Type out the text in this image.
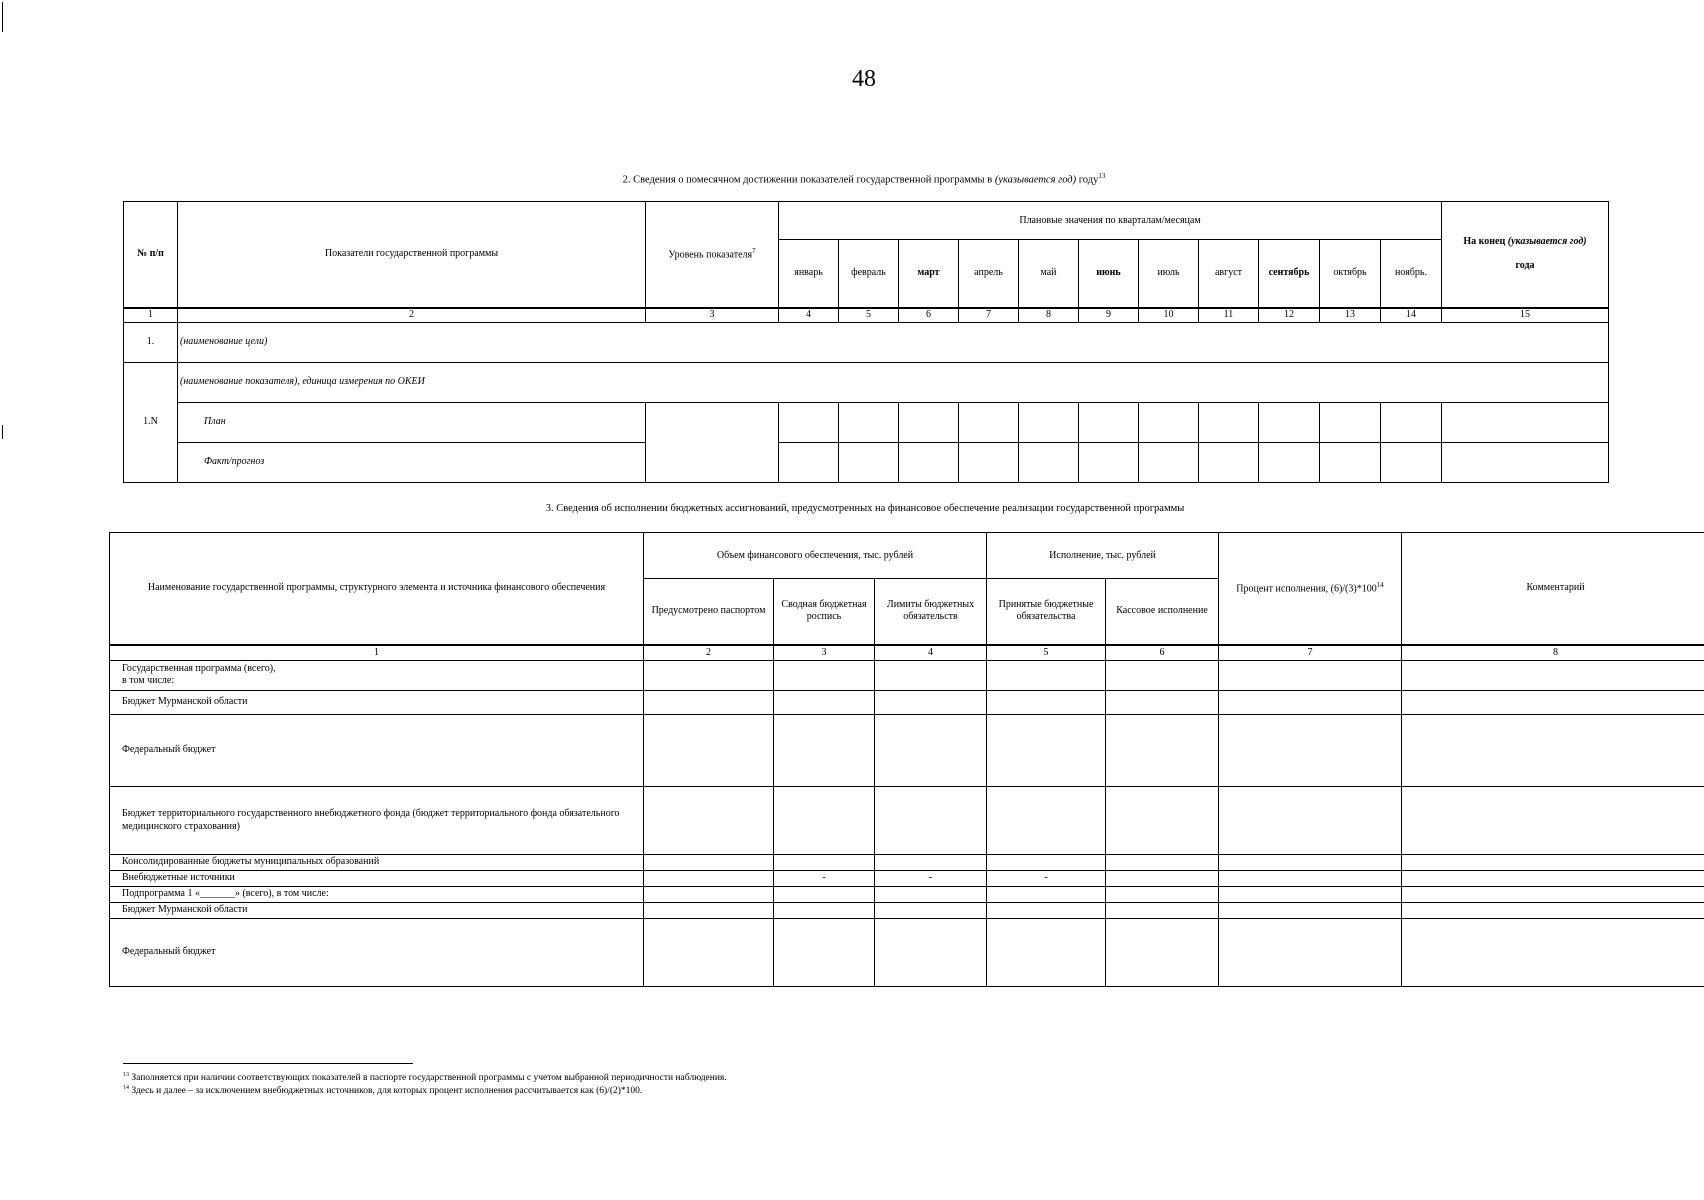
48
2. Сведения о помесячном достижении показателей государственной программы в (указывается год) году$^{13}$
№ п/п	Показатели государственной программы	Уровень показателя$^7$	Плановые значения по кварталам/месяцам											На конец (указывается год)

года
			январь	февраль	март	апрель	май	июнь	июль	август	сентябрь	октябрь	ноябрь.	
1	2	3	4	5	6	7	8	9	10	11	12	13	14	15
1.	(наименование цели)													
1.N	(наименование показателя), единица измерения по ОКЕИ													
	План													
	Факт/прогноз													
3. Сведения об исполнении бюджетных ассигнований, предусмотренных на финансовое обеспечение реализации государственной программы
Наименование государственной программы, структурного элемента и источника финансового обеспечения	Объем финансового обеспечения, тыс. рублей			Исполнение, тыс. рублей		Процент исполнения, $(6)/(3)*100^{14}$	Комментарий
	Предусмотрено паспортом	Сводная бюджетная роспись	Лимиты бюджетных обязательств	Принятые бюджетные обязательства	Кассовое исполнение		
1	2	3	4	5	6	7	8
Государственная программа (всего),
в том числе:							
Бюджет Мурманской области							
Федеральный бюджет							
Бюджет территориального государственного внебюджетного фонда (бюджет территориального фонда обязательного медицинского страхования)							
Консолидированные бюджеты муниципальных образований							
Внебюджетные источники		-	-	-			
Подпрограмма 1 «_______» (всего), в том числе:							
Бюджет Мурманской области							
Федеральный бюджет							
$^{13}$ Заполняется при наличии соответствующих показателей в паспорте государственной программы с учетом выбранной периодичности наблюдения.
$^{14}$ Здесь и далее – за исключением внебюджетных источников, для которых процент исполнения рассчитывается как (6)/(2)*100.
